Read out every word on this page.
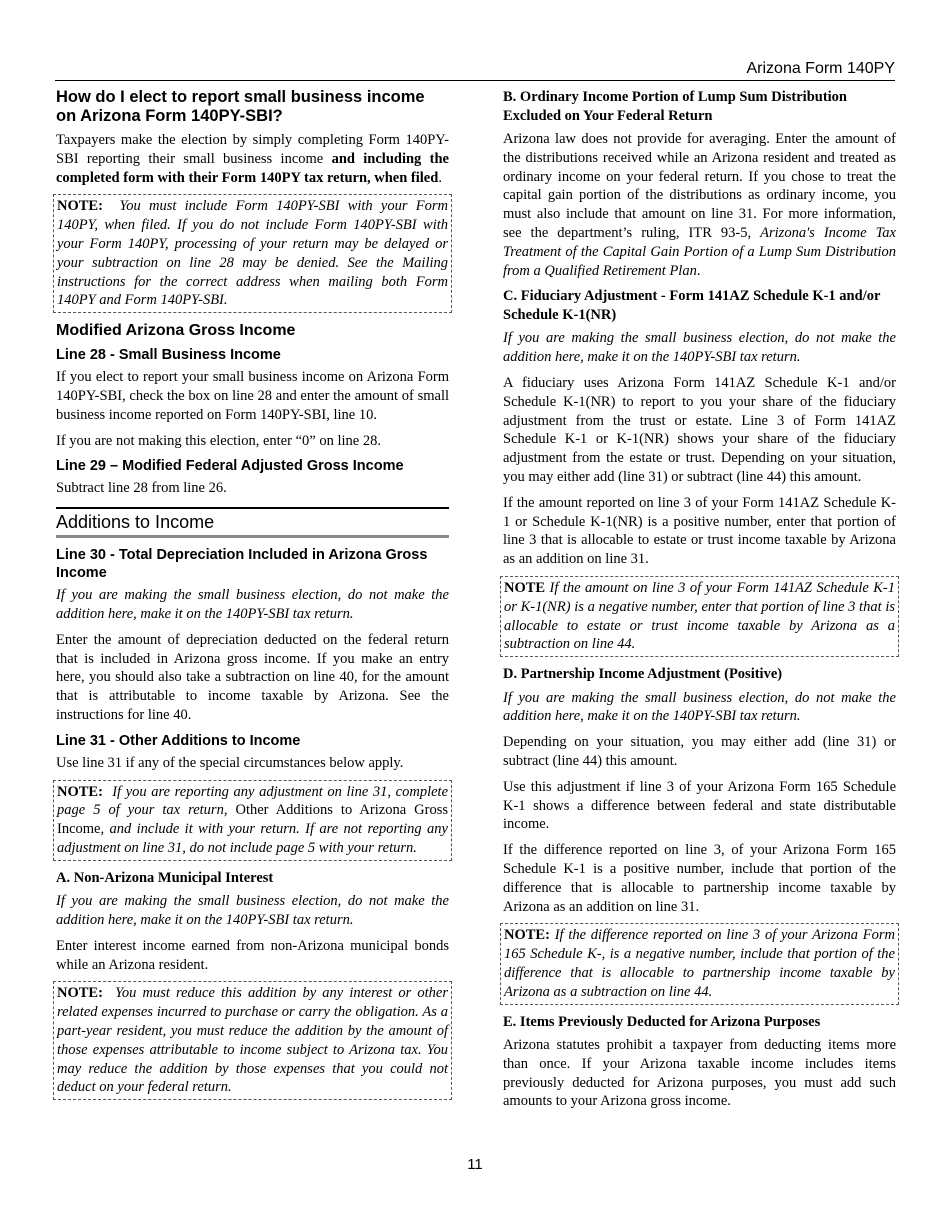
Arizona Form 140PY
How do I elect to report small business income on Arizona Form 140PY-SBI?

Taxpayers make the election by simply completing Form 140PY-SBI reporting their small business income and including the completed form with their Form 140PY tax return, when filed.

NOTE: You must include Form 140PY-SBI with your Form 140PY, when filed. If you do not include Form 140PY-SBI with your Form 140PY, processing of your return may be delayed or your subtraction on line 28 may be denied. See the Mailing instructions for the correct address when mailing both Form 140PY and Form 140PY-SBI.
Modified Arizona Gross Income
Line 28 - Small Business Income

If you elect to report your small business income on Arizona Form 140PY-SBI, check the box on line 28 and enter the amount of small business income reported on Form 140PY-SBI, line 10.

If you are not making this election, enter “0” on line 28.

Line 29 – Modified Federal Adjusted Gross Income

Subtract line 28 from line 26.

Additions to Income
Line 30 - Total Depreciation Included in Arizona Gross Income

If you are making the small business election, do not make the addition here, make it on the 140PY-SBI tax return.

Enter the amount of depreciation deducted on the federal return that is included in Arizona gross income. If you make an entry here, you should also take a subtraction on line 40, for the amount that is attributable to income taxable by Arizona. See the instructions for line 40.

Line 31 - Other Additions to Income

Use line 31 if any of the special circumstances below apply.

NOTE: If you are reporting any adjustment on line 31, complete page 5 of your tax return, Other Additions to Arizona Gross Income, and include it with your return. If are not reporting any adjustment on line 31, do not include page 5 with your return.
A. Non-Arizona Municipal Interest

If you are making the small business election, do not make the addition here, make it on the 140PY-SBI tax return.

Enter interest income earned from non-Arizona municipal bonds while an Arizona resident.

NOTE: You must reduce this addition by any interest or other related expenses incurred to purchase or carry the obligation. As a part-year resident, you must reduce the addition by the amount of those expenses attributable to income subject to Arizona tax. You may reduce the addition by those expenses that you could not deduct on your federal return.
B. Ordinary Income Portion of Lump Sum Distribution Excluded on Your Federal Return

Arizona law does not provide for averaging. Enter the amount of the distributions received while an Arizona resident and treated as ordinary income on your federal return. If you chose to treat the capital gain portion of the distributions as ordinary income, you must also include that amount on line 31. For more information, see the department’s ruling, ITR 93-5, Arizona's Income Tax Treatment of the Capital Gain Portion of a Lump Sum Distribution from a Qualified Retirement Plan.

C. Fiduciary Adjustment - Form 141AZ Schedule K-1 and/or Schedule K-1(NR)

If you are making the small business election, do not make the addition here, make it on the 140PY-SBI tax return.

A fiduciary uses Arizona Form 141AZ Schedule K-1 and/or Schedule K-1(NR) to report to you your share of the fiduciary adjustment from the trust or estate. Line 3 of Form 141AZ Schedule K-1 or K-1(NR) shows your share of the fiduciary adjustment from the estate or trust. Depending on your situation, you may either add (line 31) or subtract (line 44) this amount.

If the amount reported on line 3 of your Form 141AZ Schedule K-1 or Schedule K-1(NR) is a positive number, enter that portion of line 3 that is allocable to estate or trust income taxable by Arizona as an addition on line 31.

NOTE If the amount on line 3 of your Form 141AZ Schedule K-1 or K-1(NR) is a negative number, enter that portion of line 3 that is allocable to estate or trust income taxable by Arizona as a subtraction on line 44.
D. Partnership Income Adjustment (Positive)

If you are making the small business election, do not make the addition here, make it on the 140PY-SBI tax return.

Depending on your situation, you may either add (line 31) or subtract (line 44) this amount.

Use this adjustment if line 3 of your Arizona Form 165 Schedule K-1 shows a difference between federal and state distributable income.

If the difference reported on line 3, of your Arizona Form 165 Schedule K-1 is a positive number, include that portion of the difference that is allocable to partnership income taxable by Arizona as an addition on line 31.

NOTE: If the difference reported on line 3 of your Arizona Form 165 Schedule K-, is a negative number, include that portion of the difference that is allocable to partnership income taxable by Arizona as a subtraction on line 44.
E. Items Previously Deducted for Arizona Purposes

Arizona statutes prohibit a taxpayer from deducting items more than once. If your Arizona taxable income includes items previously deducted for Arizona purposes, you must add such amounts to your Arizona gross income.

11
